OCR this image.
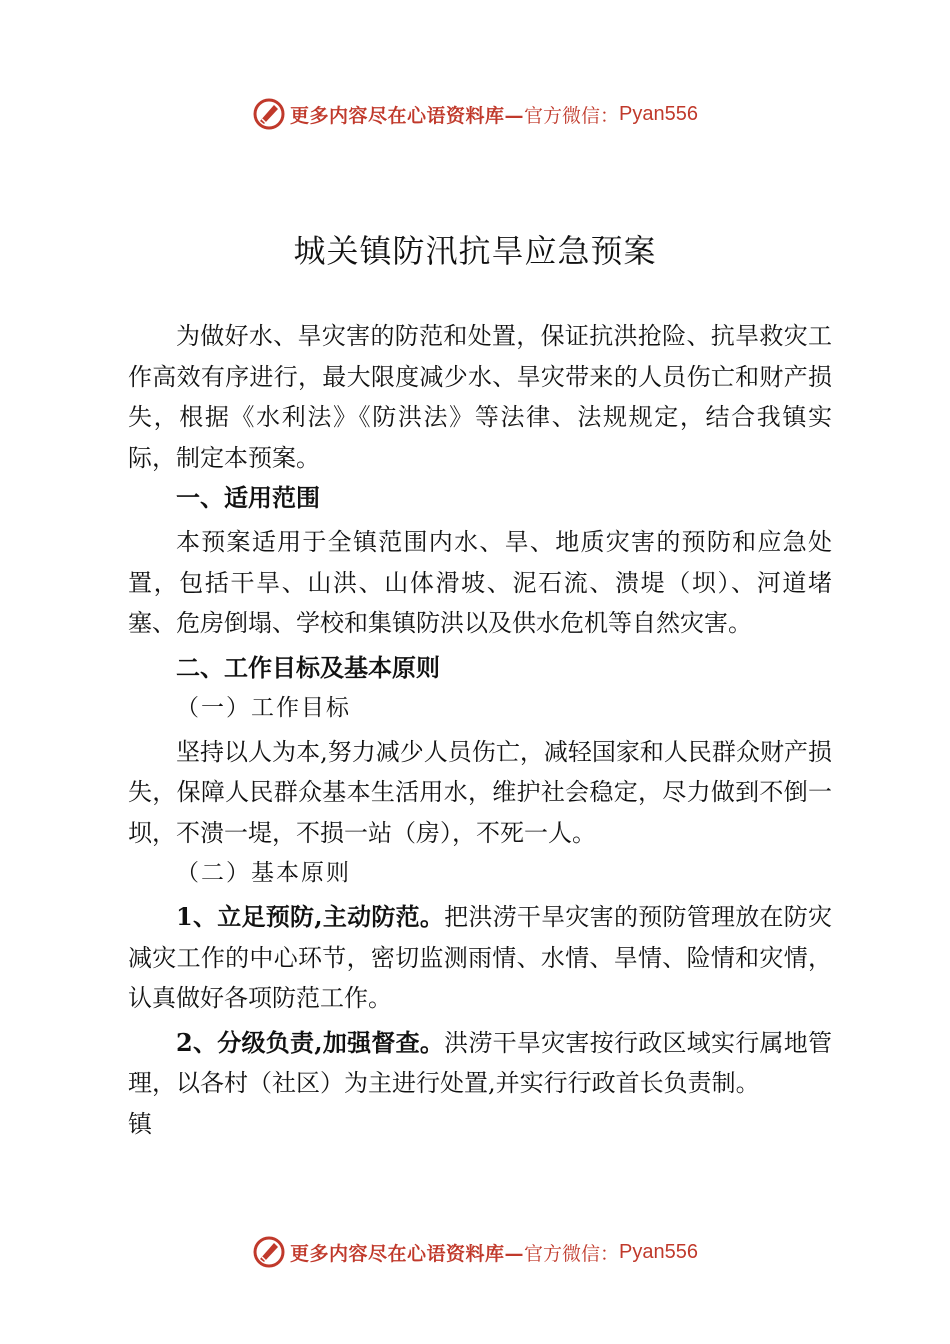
更多内容尽在心语资料库— 官方微信： Pyan556
城关镇防汛抗旱应急预案

为做好水、旱灾害的防范和处置，保证抗洪抢险、抗旱救灾工作高效有序进行，最大限度减少水、旱灾带来的人员伤亡和财产损失，根据《水利法》《防洪法》等法律、法规规定，结合我镇实际，制定本预案。

一、适用范围

本预案适用于全镇范围内水、旱、地质灾害的预防和应急处置，包括干旱、山洪、山体滑坡、泥石流、溃堤（坝）、河道堵塞、危房倒塌、学校和集镇防洪以及供水危机等自然灾害。

二、工作目标及基本原则

（一）工作目标

坚持以人为本,努力减少人员伤亡，减轻国家和人民群众财产损失，保障人民群众基本生活用水，维护社会稳定，尽力做到不倒一坝，不溃一堤，不损一站（房），不死一人。

（二）基本原则

1、立足预防,主动防范。把洪涝干旱灾害的预防管理放在防灾减灾工作的中心环节，密切监测雨情、水情、旱情、险情和灾情，认真做好各项防范工作。

2、分级负责,加强督查。洪涝干旱灾害按行政区域实行属地管理，以各村（社区）为主进行处置,并实行行政首长负责制。

镇

更多内容尽在心语资料库— 官方微信： Pyan556
